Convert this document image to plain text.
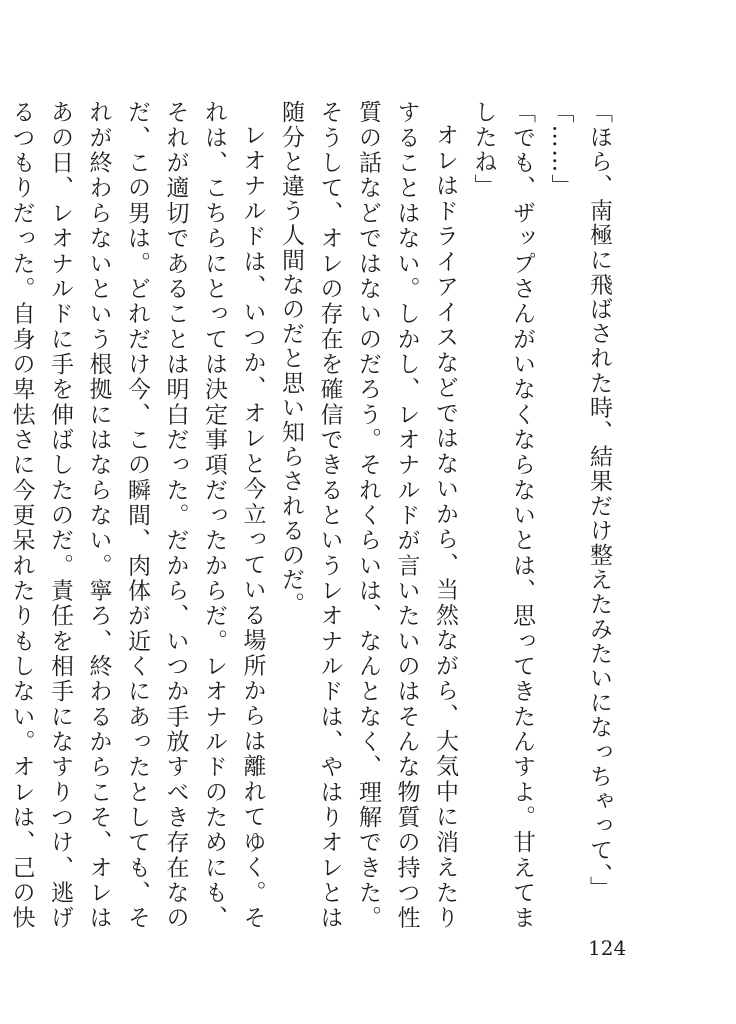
「ほら、南極に飛ばされた時、結果だけ整えたみたいになっちゃって、」

「……」

「でも、ザップさんがいなくならないとは、思ってきたんすよ。甘えてましたね」

オレはドライアイスなどではないから、当然ながら、大気中に消えたりすることはない。しかし、レオナルドが言いたいのはそんな物質の持つ性質の話などではないのだろう。それくらいは、なんとなく、理解できた。そうして、オレの存在を確信できるというレオナルドは、やはりオレとは随分と違う人間なのだと思い知らされるのだ。

レオナルドは、いつか、オレと今立っている場所からは離れてゆく。それは、こちらにとっては決定事項だったからだ。レオナルドのためにも、それが適切であることは明白だった。だから、いつか手放すべき存在なのだ、この男は。どれだけ今、この瞬間、肉体が近くにあったとしても、それが終わらないという根拠にはならない。寧ろ、終わるからこそ、オレはあの日、レオナルドに手を伸ばしたのだ。責任を相手になすりつけ、逃げるつもりだった。自身の卑怯さに今更呆れたりもしない。オレは、己の快

124
